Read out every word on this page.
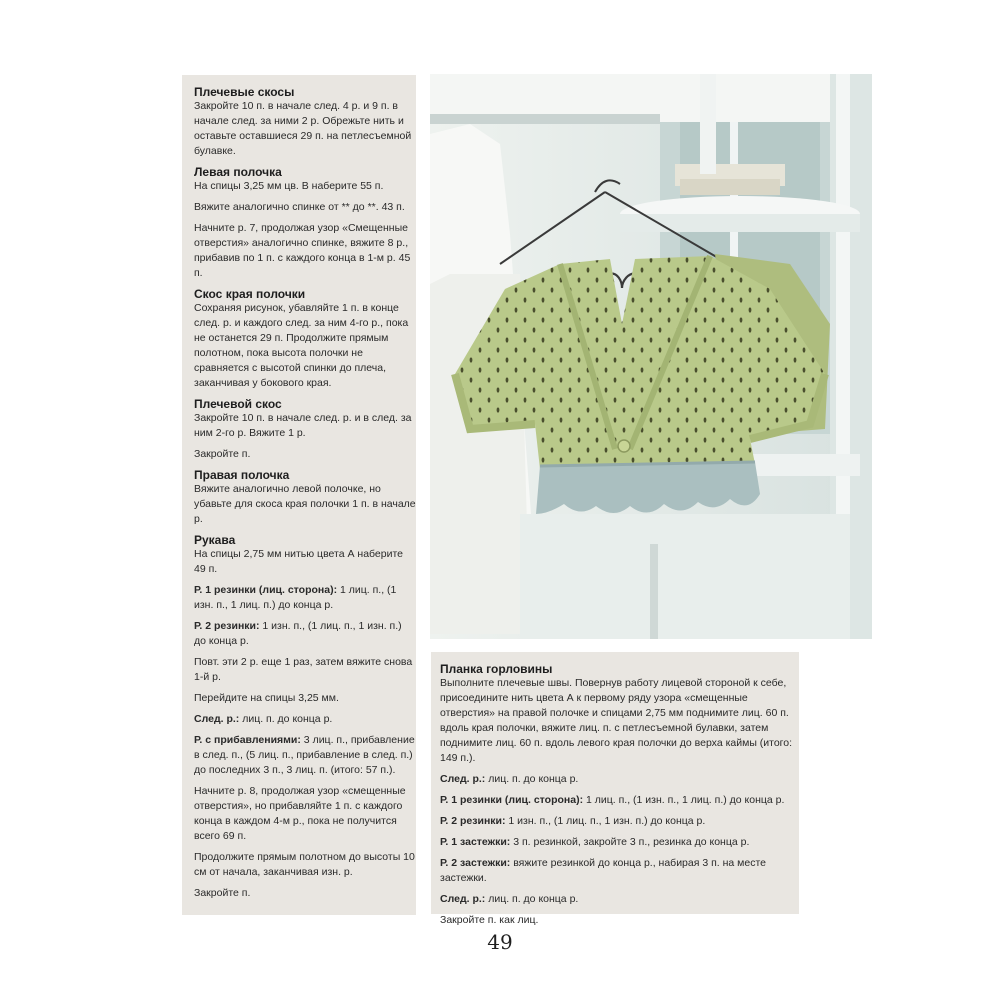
Плечевые скосы

Закройте 10 п. в начале след. 4 р. и 9 п. в начале след. за ними 2 р. Обрежьте нить и оставьте оставшиеся 29 п. на петлесъемной булавке.

Левая полочка

На спицы 3,25 мм цв. В наберите 55 п.

Вяжите аналогично спинке от ** до **. 43 п.

Начните р. 7, продолжая узор «Смещенные отверстия» аналогично спинке, вяжите 8 р., прибавив по 1 п. с каждого конца в 1-м р. 45 п.

Скос края полочки

Сохраняя рисунок, убавляйте 1 п. в конце след. р. и каждого след. за ним 4-го р., пока не останется 29 п. Продолжите прямым полотном, пока высота полочки не сравняется с высотой спинки до плеча, заканчивая у бокового края.

Плечевой скос

Закройте 10 п. в начале след. р. и в след. за ним 2-го р. Вяжите 1 р.

Закройте п.

Правая полочка

Вяжите аналогично левой полочке, но убавьте для скоса края полочки 1 п. в начале р.

Рукава

На спицы 2,75 мм нитью цвета А наберите 49 п.

Р. 1 резинки (лиц. сторона): 1 лиц. п., (1 изн. п., 1 лиц. п.) до конца р.

Р. 2 резинки: 1 изн. п., (1 лиц. п., 1 изн. п.) до конца р.

Повт. эти 2 р. еще 1 раз, затем вяжите снова 1-й р.

Перейдите на спицы 3,25 мм.

След. р.: лиц. п. до конца р.

Р. с прибавлениями: 3 лиц. п., прибавление в след. п., (5 лиц. п., прибавление в след. п.) до последних 3 п., 3 лиц. п. (итого: 57 п.).

Начните р. 8, продолжая узор «смещенные отверстия», но прибавляйте 1 п. с каждого конца в каждом 4-м р., пока не получится всего 69 п.

Продолжите прямым полотном до высоты 10 см от начала, заканчивая изн. р.

Закройте п.

Планка горловины

Выполните плечевые швы. Повернув работу лицевой стороной к себе, присоедините нить цвета А к первому ряду узора «смещенные отверстия» на правой полочке и спицами 2,75 мм поднимите лиц. 60 п. вдоль края полочки, вяжите лиц. п. с петлесъемной булавки, затем поднимите лиц. 60 п. вдоль левого края полочки до верха каймы (итого: 149 п.).

След. р.: лиц. п. до конца р.

Р. 1 резинки (лиц. сторона): 1 лиц. п., (1 изн. п., 1 лиц. п.) до конца р.

Р. 2 резинки: 1 изн. п., (1 лиц. п., 1 изн. п.) до конца р.

Р. 1 застежки: 3 п. резинкой, закройте 3 п., резинка до конца р.

Р. 2 застежки: вяжите резинкой до конца р., набирая 3 п. на месте застежки.

След. р.: лиц. п. до конца р.

Закройте п. как лиц.

49
